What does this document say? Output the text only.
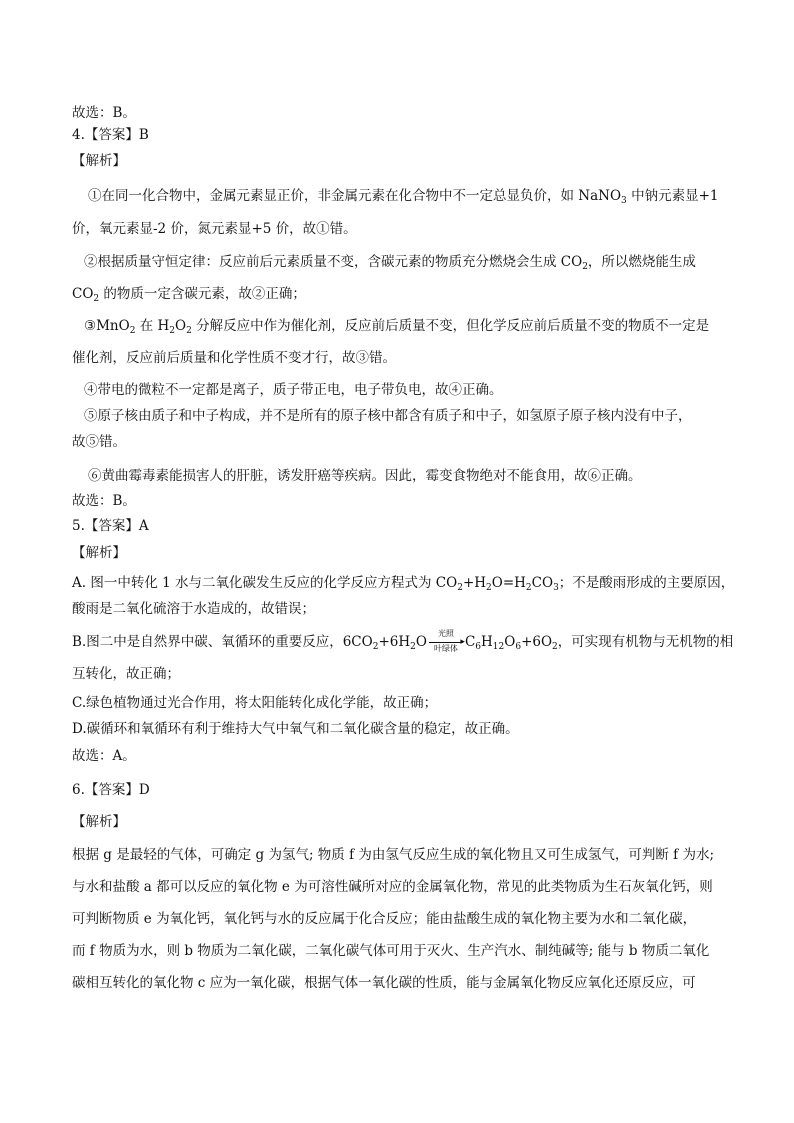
故选：B。
4.【答案】B
【解析】
①在同一化合物中，金属元素显正价，非金属元素在化合物中不一定总显负价，如 NaNO$_3$ 中钠元素显+1
价，氧元素显-2 价，氮元素显+5 价，故①错。
②根据质量守恒定律：反应前后元素质量不变，含碳元素的物质充分燃烧会生成 $CO_2$，所以燃烧能生成
$CO_2$ 的物质一定含碳元素，故②正确；
③MnO$_2$ 在 $H_2O_2$ 分解反应中作为催化剂，反应前后质量不变，但化学反应前后质量不变的物质不一定是
催化剂，反应前后质量和化学性质不变才行，故③错。
④带电的微粒不一定都是离子，质子带正电，电子带负电，故④正确。
⑤原子核由质子和中子构成，并不是所有的原子核中都含有质子和中子，如氢原子原子核内没有中子，
故⑤错。
⑥黄曲霉毒素能损害人的肝脏，诱发肝癌等疾病。因此，霉变食物绝对不能食用，故⑥正确。
故选：B。
5.【答案】A
【解析】
A. 图一中转化 1 水与二氧化碳发生反应的化学反应方程式为 $CO_2+H_2O=H_2CO_3$；不是酸雨形成的主要原因，
酸雨是二氧化硫溶于水造成的，故错误；
B.图二中是自然界中碳、氧循环的重要反应，$6CO_2+6H_2O$
光照
▸
叶绿体 $C_6H_{12}O_6+6O_2$，可实现有机物与无机物的相
互转化，故正确；
C.绿色植物通过光合作用，将太阳能转化成化学能，故正确；
D.碳循环和氧循环有利于维持大气中氧气和二氧化碳含量的稳定，故正确。
故选：A。
6.【答案】D
【解析】
根据 g 是最轻的气体，可确定 g 为氢气; 物质 f 为由氢气反应生成的氧化物且又可生成氢气，可判断 f 为水;
与水和盐酸 a 都可以反应的氧化物 e 为可溶性碱所对应的金属氧化物，常见的此类物质为生石灰氧化钙，则
可判断物质 e 为氧化钙，氧化钙与水的反应属于化合反应；能由盐酸生成的氧化物主要为水和二氧化碳，
而 f 物质为水，则 b 物质为二氧化碳，二氧化碳气体可用于灭火、生产汽水、制纯碱等; 能与 b 物质二氧化
碳相互转化的氧化物 c 应为一氧化碳，根据气体一氧化碳的性质，能与金属氧化物反应氧化还原反应，可
